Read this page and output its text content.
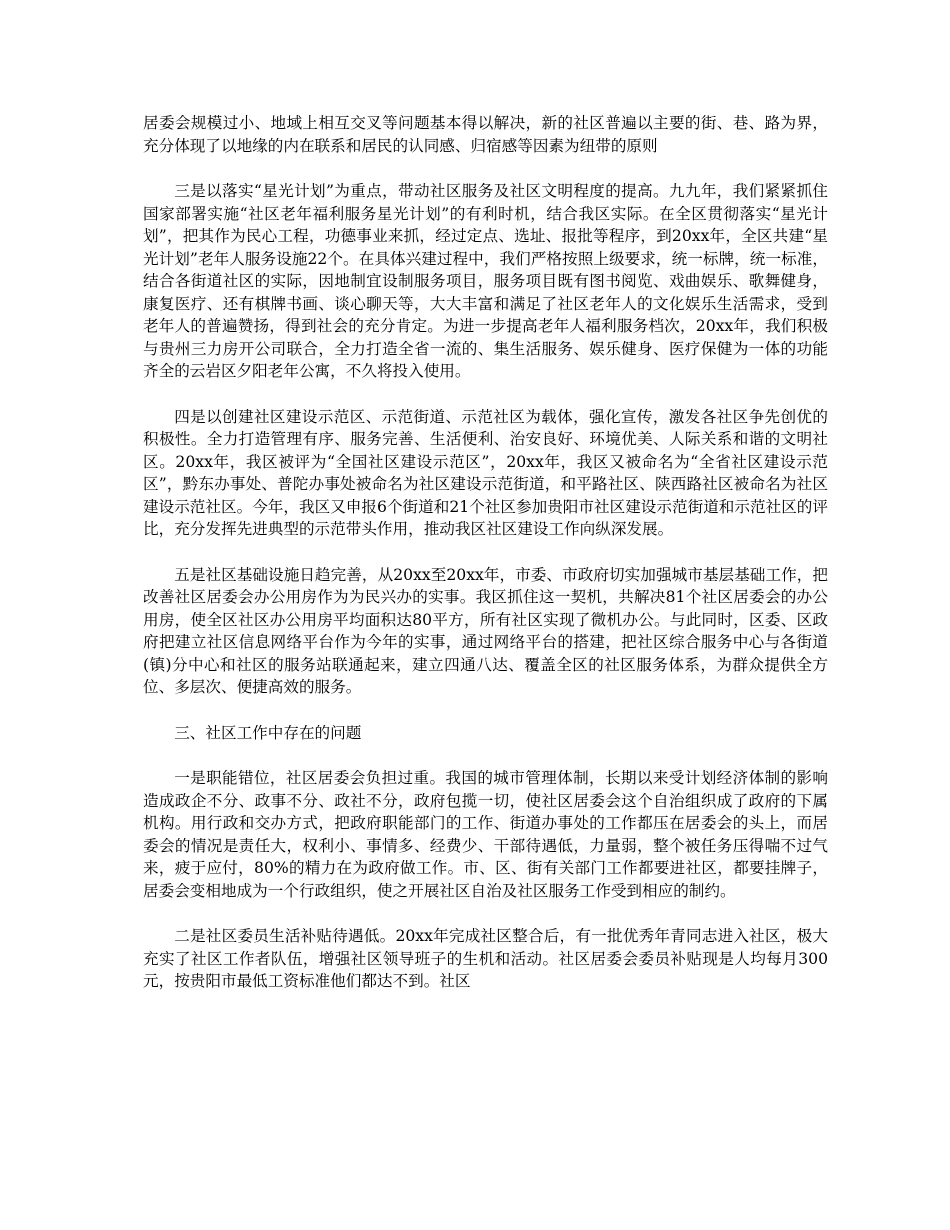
居委会规模过小、地域上相互交叉等问题基本得以解决，新的社区普遍以主要的街、巷、路为界，充分体现了以地缘的内在联系和居民的认同感、归宿感等因素为纽带的原则

三是以落实“星光计划”为重点，带动社区服务及社区文明程度的提高。九九年，我们紧紧抓住国家部署实施“社区老年福利服务星光计划”的有利时机，结合我区实际。在全区贯彻落实“星光计划”，把其作为民心工程，功德事业来抓，经过定点、选址、报批等程序，到20xx年，全区共建“星光计划”老年人服务设施22个。在具体兴建过程中，我们严格按照上级要求，统一标牌，统一标准，结合各街道社区的实际，因地制宜设制服务项目，服务项目既有图书阅览、戏曲娱乐、歌舞健身，康复医疗、还有棋牌书画、谈心聊天等，大大丰富和满足了社区老年人的文化娱乐生活需求，受到老年人的普遍赞扬，得到社会的充分肯定。为进一步提高老年人福利服务档次，20xx年，我们积极与贵州三力房开公司联合，全力打造全省一流的、集生活服务、娱乐健身、医疗保健为一体的功能齐全的云岩区夕阳老年公寓，不久将投入使用。

四是以创建社区建设示范区、示范街道、示范社区为载体，强化宣传，激发各社区争先创优的积极性。全力打造管理有序、服务完善、生活便利、治安良好、环境优美、人际关系和谐的文明社区。20xx年，我区被评为“全国社区建设示范区”，20xx年，我区又被命名为“全省社区建设示范区”，黔东办事处、普陀办事处被命名为社区建设示范街道，和平路社区、陕西路社区被命名为社区建设示范社区。今年，我区又申报6个街道和21个社区参加贵阳市社区建设示范街道和示范社区的评比，充分发挥先进典型的示范带头作用，推动我区社区建设工作向纵深发展。

五是社区基础设施日趋完善，从20xx至20xx年，市委、市政府切实加强城市基层基础工作，把改善社区居委会办公用房作为为民兴办的实事。我区抓住这一契机，共解决81个社区居委会的办公用房，使全区社区办公用房平均面积达80平方，所有社区实现了微机办公。与此同时，区委、区政府把建立社区信息网络平台作为今年的实事，通过网络平台的搭建，把社区综合服务中心与各街道(镇)分中心和社区的服务站联通起来，建立四通八达、覆盖全区的社区服务体系，为群众提供全方位、多层次、便捷高效的服务。

三、社区工作中存在的问题

一是职能错位，社区居委会负担过重。我国的城市管理体制，长期以来受计划经济体制的影响造成政企不分、政事不分、政社不分，政府包揽一切，使社区居委会这个自治组织成了政府的下属机构。用行政和交办方式，把政府职能部门的工作、街道办事处的工作都压在居委会的头上，而居委会的情况是责任大，权利小、事情多、经费少、干部待遇低，力量弱，整个被任务压得喘不过气来，疲于应付，80%的精力在为政府做工作。市、区、街有关部门工作都要进社区，都要挂牌子，居委会变相地成为一个行政组织，使之开展社区自治及社区服务工作受到相应的制约。

二是社区委员生活补贴待遇低。20xx年完成社区整合后，有一批优秀年青同志进入社区，极大充实了社区工作者队伍，增强社区领导班子的生机和活动。社区居委会委员补贴现是人均每月300元，按贵阳市最低工资标准他们都达不到。社区
